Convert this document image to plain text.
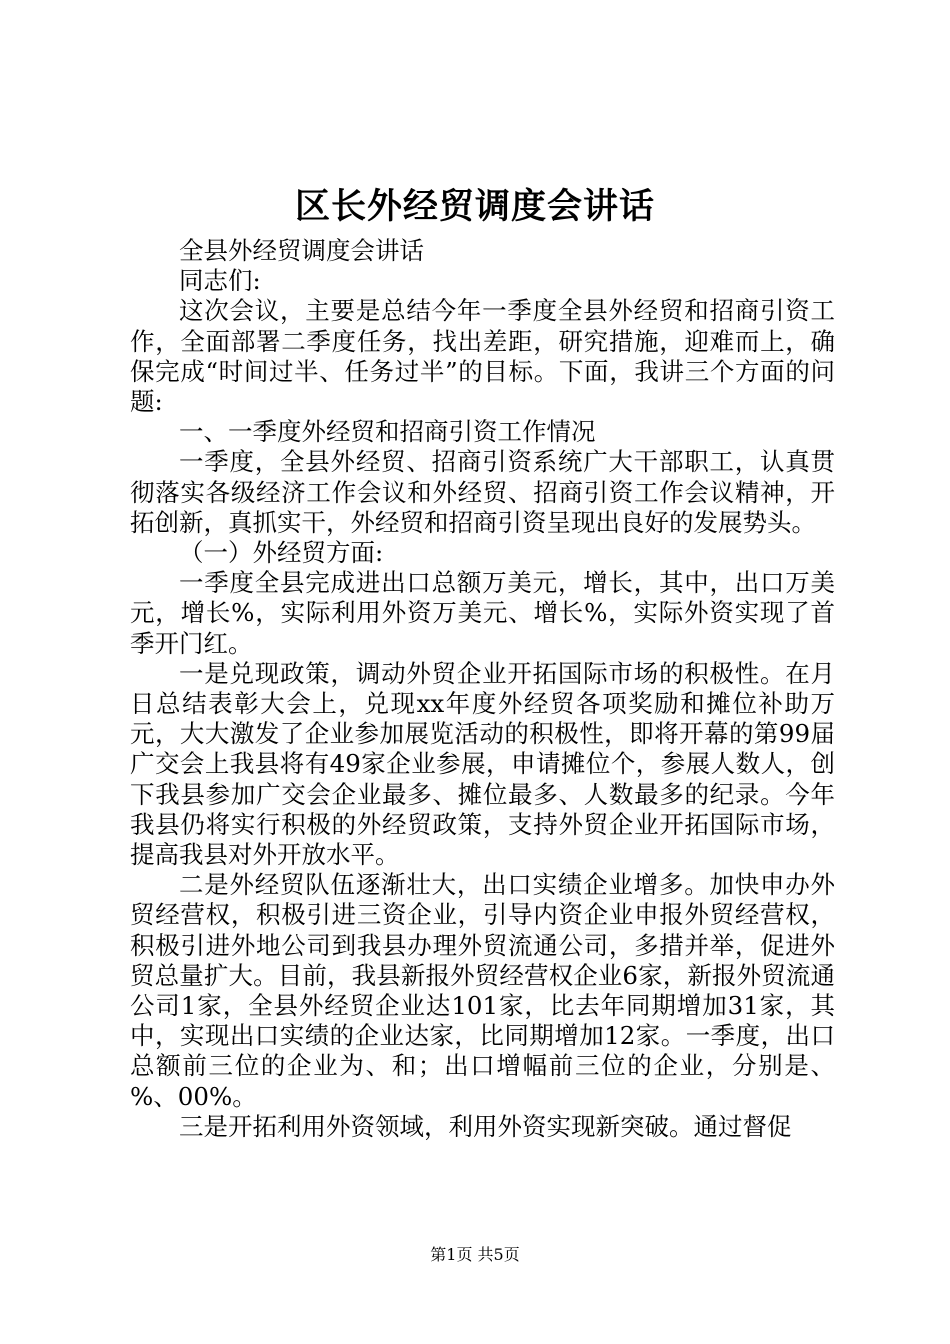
区长外经贸调度会讲话

全县外经贸调度会讲话

同志们:

这次会议，主要是总结今年一季度全县外经贸和招商引资工作，全面部署二季度任务，找出差距，研究措施，迎难而上，确保完成“时间过半、任务过半”的目标。下面，我讲三个方面的问题:

一、一季度外经贸和招商引资工作情况

一季度，全县外经贸、招商引资系统广大干部职工，认真贯彻落实各级经济工作会议和外经贸、招商引资工作会议精神，开拓创新，真抓实干，外经贸和招商引资呈现出良好的发展势头。

（一）外经贸方面:

一季度全县完成进出口总额万美元，增长，其中，出口万美元，增长%，实际利用外资万美元、增长%，实际外资实现了首季开门红。

一是兑现政策，调动外贸企业开拓国际市场的积极性。在月日总结表彰大会上，兑现xx年度外经贸各项奖励和摊位补助万元，大大激发了企业参加展览活动的积极性，即将开幕的第99届广交会上我县将有49家企业参展，申请摊位个，参展人数人，创下我县参加广交会企业最多、摊位最多、人数最多的纪录。今年我县仍将实行积极的外经贸政策，支持外贸企业开拓国际市场，提高我县对外开放水平。

二是外经贸队伍逐渐壮大，出口实绩企业增多。加快申办外贸经营权，积极引进三资企业，引导内资企业申报外贸经营权，积极引进外地公司到我县办理外贸流通公司，多措并举，促进外贸总量扩大。目前，我县新报外贸经营权企业6家，新报外贸流通公司1家，全县外经贸企业达101家，比去年同期增加31家，其中，实现出口实绩的企业达家，比同期增加12家。一季度，出口总额前三位的企业为、和；出口增幅前三位的企业，分别是、%、00%。

三是开拓利用外资领域，利用外资实现新突破。通过督促

第1页 共5页
